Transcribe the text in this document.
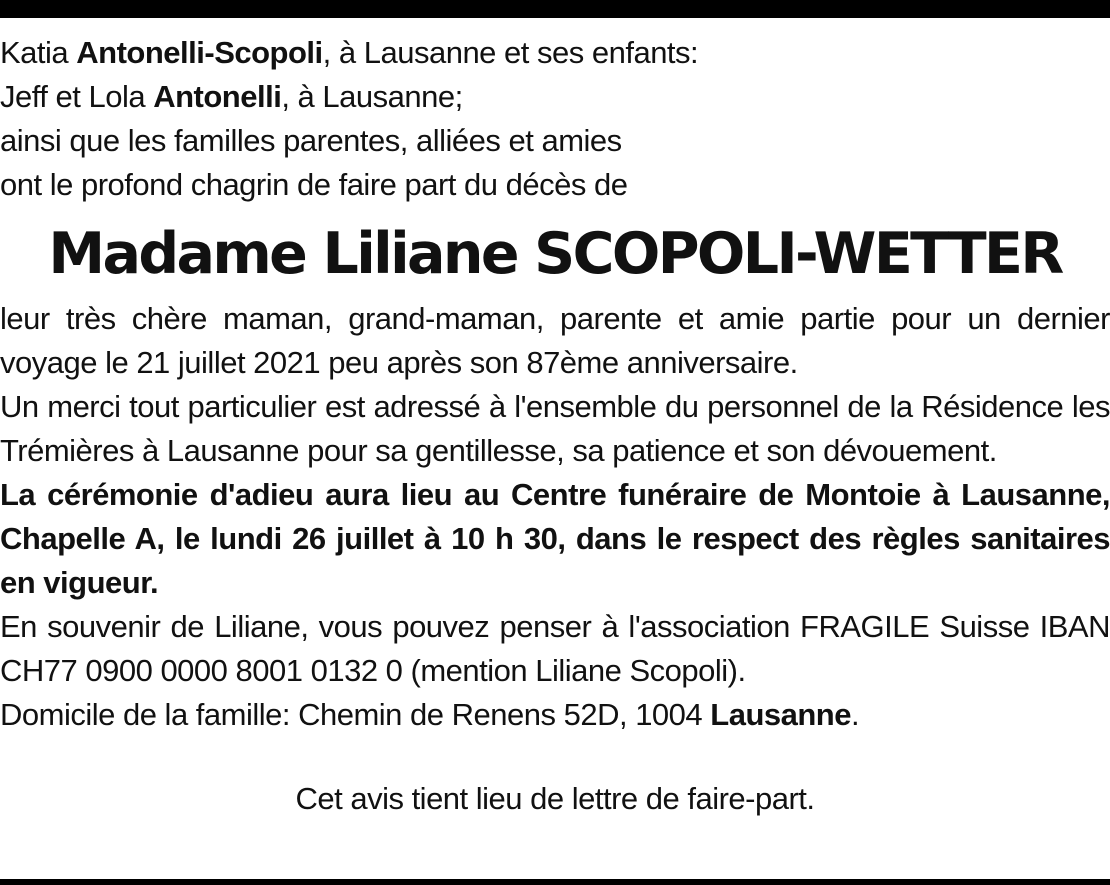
Katia Antonelli-Scopoli, à Lausanne et ses enfants:

Jeff et Lola Antonelli, à Lausanne;

ainsi que les familles parentes, alliées et amies

ont le profond chagrin de faire part du décès de

Madame Liliane SCOPOLI-WETTER

leur très chère maman, grand-maman, parente et amie partie pour un dernier voyage le 21 juillet 2021 peu après son 87ème anniversaire.

Un merci tout particulier est adressé à l'ensemble du personnel de la Résidence les Trémières à Lausanne pour sa gentillesse, sa patience et son dévouement.

La cérémonie d'adieu aura lieu au Centre funéraire de Montoie à Lausanne, Chapelle A, le lundi 26 juillet à 10 h 30, dans le respect des règles sanitaires en vigueur.

En souvenir de Liliane, vous pouvez penser à l'association FRAGILE Suisse IBAN CH77 0900 0000 8001 0132 0 (mention Liliane Scopoli).

Domicile de la famille: Chemin de Renens 52D, 1004 Lausanne.

Cet avis tient lieu de lettre de faire-part.
